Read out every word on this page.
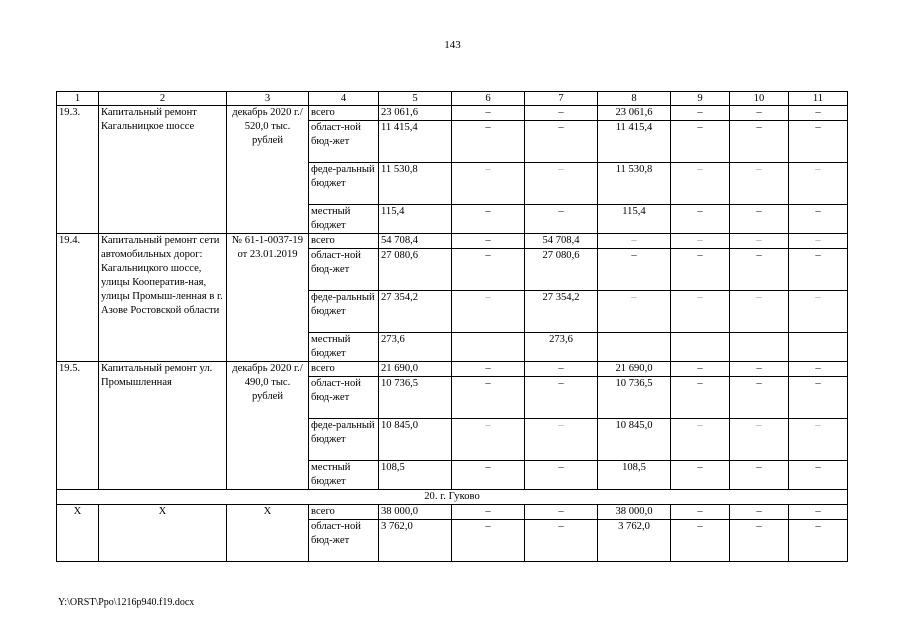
143
1	2	3	4	5	6	7	8	9	10	11
19.3.	Капитальный ремонт Кагальницкое шоссе	декабрь 2020 г./ 520,0 тыс. рублей	всего	23 061,6	–	–	23 061,6	–	–	–
			област-ной бюд-жет	11 415,4	–	–	11 415,4	–	–	–
			феде-ральный бюджет	11 530,8	–	–	11 530,8	–	–	–
			местный бюджет	115,4	–	–	115,4	–	–	–
19.4.	Капитальный ремонт сети автомобильных дорог: Кагальницкого шоссе, улицы Кооператив-ная, улицы Промыш-ленная в г. Азове Ростовской области	№ 61-1-0037-19 от 23.01.2019	всего	54 708,4	–	54 708,4	–	–	–	–
			област-ной бюд-жет	27 080,6	–	27 080,6	–	–	–	–
			феде-ральный бюджет	27 354,2	–	27 354,2	–	–	–	–
			местный бюджет	273,6		273,6				
19.5.	Капитальный ремонт ул. Промышленная	декабрь 2020 г./ 490,0 тыс. рублей	всего	21 690,0	–	–	21 690,0	–	–	–
			област-ной бюд-жет	10 736,5	–	–	10 736,5	–	–	–
			феде-ральный бюджет	10 845,0	–	–	10 845,0	–	–	–
			местный бюджет	108,5	–	–	108,5	–	–	–
20. г. Гуково										
Х	Х	Х	всего	38 000,0	–	–	38 000,0	–	–	–
			област-ной бюд-жет	3 762,0	–	–	3 762,0	–	–	–
Y:\ORST\Ppo\1216p940.f19.docx
